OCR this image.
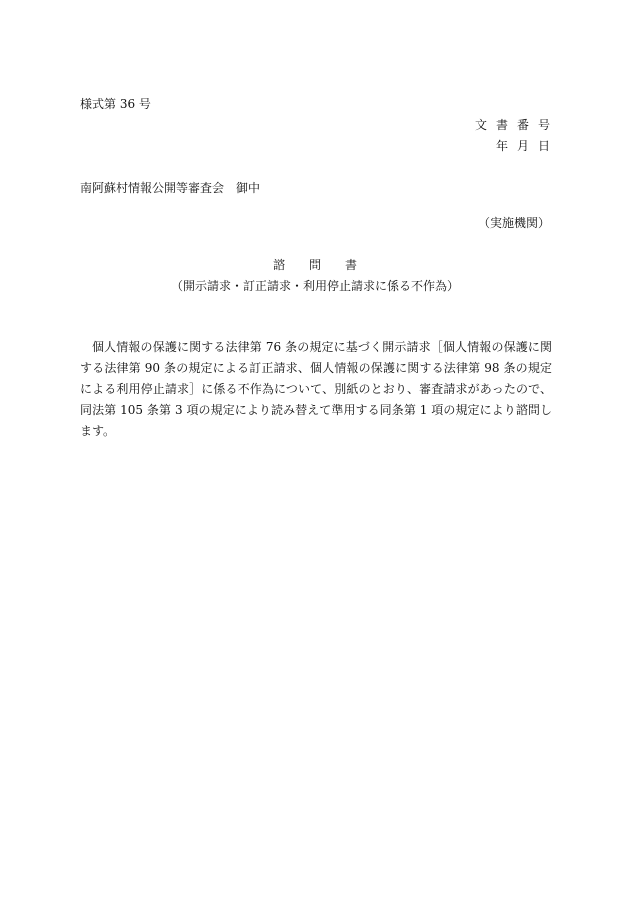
様式第 36 号
文書番号
年月日
南阿蘇村情報公開等審査会　御中
（実施機関）
諮問書
（開示請求・訂正請求・利用停止請求に係る不作為）
個人情報の保護に関する法律第 76 条の規定に基づく開示請求［個人情報の保護に関する法律第 90 条の規定による訂正請求、個人情報の保護に関する法律第 98 条の規定による利用停止請求］に係る不作為について、別紙のとおり、審査請求があったので、同法第 105 条第 3 項の規定により読み替えて準用する同条第 1 項の規定により諮問します。
